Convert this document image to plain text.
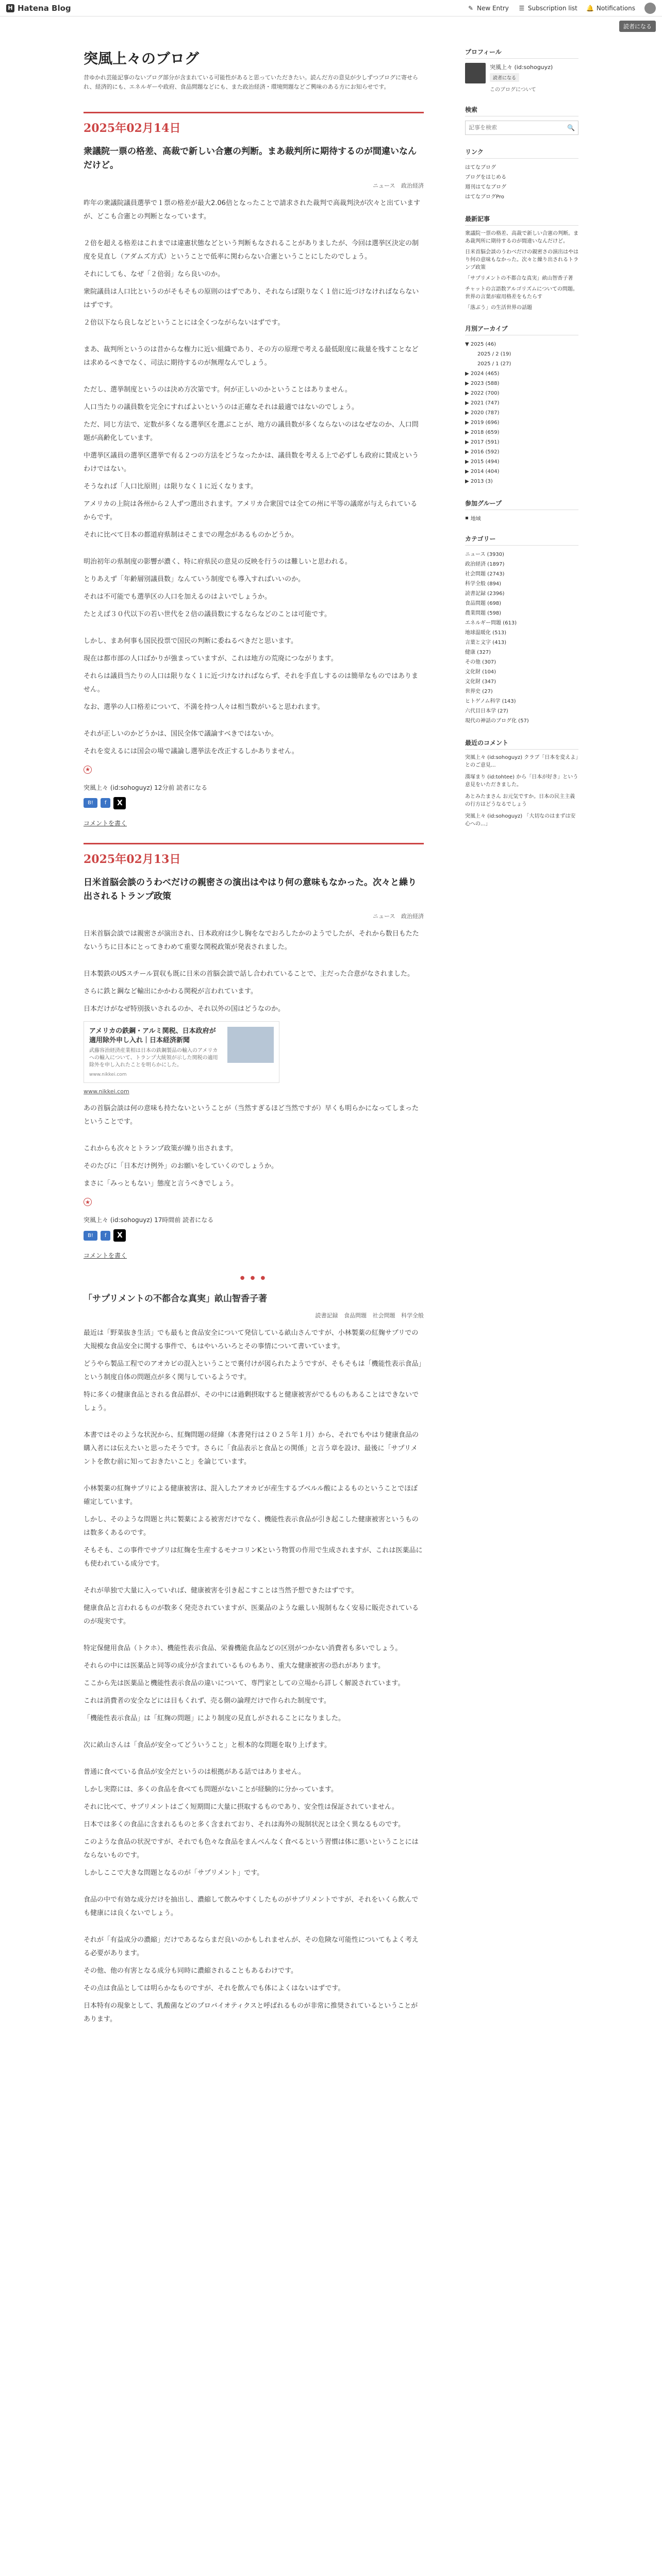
H Hatena Blog	✎ New Entry ☰ Subscription list 🔔 Notifications
読者になる
突風上々のブログ

昔ゆかれ芸能記事のないブログ部分が含まれている可能性があると思っていただきたい。読んだ方の意見が少しずつブログに寄せられ、経済的にも、エネルギーや政府、食品問題などにも、また政治経済・環境問題などご興味のある方にお知らせです。

2025年02月14日
衆議院一票の格差、高裁で新しい合憲の判断。まあ裁判所に期待するのが間違いなんだけど。
ニュース 政治経済

昨年の衆議院議員選挙で１票の格差が最大2.06倍となったことで請求された裁判で高裁判決が次々と出ていますが、どこも合憲との判断となっています。

２倍を超える格差はこれまでは違憲状態などという判断もなされることがありましたが、今回は選挙区決定の制度を見直し（アダムズ方式）ということで低率に関わらない合憲ということにしたのでしょう。

それにしても、なぜ「２倍弱」なら良いのか。

衆院議員は人口比というのがそもそもの原則のはずであり、それならば限りなく１倍に近づけなければならないはずです。

２倍以下なら良しなどということには全くつながらないはずです。

まあ、裁判所というのは昔からな権力に近い組織であり、その方の原理で考える最低限度に裁量を残すことなどは求めるべきでなく、司法に期待するのが無理なんでしょう。

ただし、選挙制度というのは決め方次第です。何が正しいのかということはありません。

人口当たりの議員数を完全にすればよいというのは正確なそれは最適ではないのでしょう。

ただ、同じ方法で、定数が多くなる選挙区を選ぶことが、地方の議員数が多くならないのはなぜなのか、人口問題が高齢化しています。

中選挙区議員の選挙区選挙で有る２つの方法をどうなったかは、議員数を考える上で必ずしも政府に賛成というわけではない。

そうなれば「人口比原則」は限りなく１に近くなります。

アメリカの上院は各州から２人ずつ選出されます。アメリカ合衆国では全ての州に平等の議席が与えられているからです。

それに比べて日本の都道府県制はそこまでの理念があるものかどうか。

明治初年の県制度の影響が濃く、特に府県民の意見の反映を行うのは難しいと思われる。

とりあえず「年齢層別議員数」なんていう制度でも導入すればいいのか。

それは不可能でも選挙区の人口を加えるのはよいでしょうか。

たとえば３０代以下の若い世代を２倍の議員数にするならなどのことは可能です。

しかし、まあ何事も国民投票で国民の判断に委ねるべきだと思います。

現在は都市部の人口ばかりが強まっていますが、これは地方の荒廃につながります。

それらは議員当たりの人口は限りなく１に近づけなければならず、それを手直しするのは簡単なものではありません。

なお、選挙の人口格差について、不満を持つ人々は相当数がいると思われます。

それが正しいのかどうかは、国民全体で議論すべきではないか。

それを変えるには国会の場で議論し選挙法を改正するしかありません。

★
突風上々 (id:sohoguyz) 12分前 読者になる
B!	f	X
コメントを書く
2025年02月13日
日米首脳会談のうわべだけの親密さの演出はやはり何の意味もなかった。次々と繰り出されるトランプ政策
ニュース 政治経済

日米首脳会談では親密さが演出され、日本政府は少し胸をなでおろしたかのようでしたが、それから数日もたたないうちに日本にとってきわめて重要な関税政策が発表されました。

日本製鉄のUSスチール買収も既に日米の首脳会談で話し合われていることで、主だった合意がなされました。

さらに鉄と鋼など輸出にかかわる関税が言われています。

日本だけがなぜ特別扱いされるのか、それ以外の国はどうなのか。

アメリカの鉄鋼・アルミ関税、日本政府が適用除外申し入れ｜日本経済新聞
武藤容治経済産業相は日本の鉄鋼製品の輸入のアメリカへの輸入について、トランプ大統領が示した関税の適用除外を申し入れたことを明らかにした。
www.nikkei.com
www.nikkei.com

あの首脳会談は何の意味も持たないということが（当然すぎるほど当然ですが）早くも明らかになってしまったということです。

これからも次々とトランプ政策が繰り出されます。

そのたびに「日本だけ例外」のお願いをしていくのでしょうか。

まさに「みっともない」態度と言うべきでしょう。

★
突風上々 (id:sohoguyz) 17時間前 読者になる
B!	f	X
コメントを書く
● ● ●
「サプリメントの不都合な真実」畝山智香子著
読書記録 食品問題 社会問題 科学全般

最近は「野菜抜き生活」でも最もと食品安全について発信している畝山さんですが、小林製薬の紅麹サプリでの大規模な食品安全に関する事件で、もはやいろいろとその事情について書いています。

どうやら製品工程でのアオカビの混入ということで裏付けが図られたようですが、そもそもは「機能性表示食品」という制度自体の問題点が多く関与しているようです。

特に多くの健康食品とされる食品群が、その中には過剰摂取すると健康被害がでるものもあることはできないでしょう。

本書ではそのような状況から、紅麹問題の経緯（本書発行は２０２５年１月）から、それでもやはり健康食品の購入者には伝えたいと思ったそうです。さらに「食品表示と食品との関係」と言う章を設け、最後に「サプリメントを飲む前に知っておきたいこと」を論じています。

小林製薬の紅麹サプリによる健康被害は、混入したアオカビが産生するプベルル酸によるものということでほぼ確定しています。

しかし、そのような問題と共に製薬による被害だけでなく、機能性表示食品が引き起こした健康被害というものは数多くあるのです。

そもそも、この事件でサプリは紅麹を生産するモナコリンKという物質の作用で生成されますが、これは医薬品にも使われている成分です。

それが単独で大量に入っていれば、健康被害を引き起こすことは当然予想できたはずです。

健康食品と言われるものが数多く発売されていますが、医薬品のような厳しい規制もなく安易に販売されているのが現実です。

特定保健用食品（トクホ）、機能性表示食品、栄養機能食品などの区別がつかない消費者も多いでしょう。

それらの中には医薬品と同等の成分が含まれているものもあり、重大な健康被害の恐れがあります。

ここから先は医薬品と機能性表示食品の違いについて、専門家としての立場から詳しく解説されています。

これは消費者の安全などには目もくれず、売る側の論理だけで作られた制度です。

「機能性表示食品」は「紅麹の問題」により制度の見直しがされることになりました。

次に畝山さんは「食品が安全ってどういうこと」と根本的な問題を取り上げます。

普通に食べている食品が安全だというのは根拠がある話ではありません。

しかし実際には、多くの食品を食べても問題がないことが経験的に分かっています。

それに比べて、サプリメントはごく短期間に大量に摂取するものであり、安全性は保証されていません。

日本では多くの食品に含まれるものと多く含まれており、それは海外の規制状況とは全く異なるものです。

このような食品の状況ですが、それでも色々な食品をまんべんなく食べるという習慣は体に悪いということにはならないものです。

しかしここで大きな問題となるのが「サプリメント」です。

食品の中で有効な成分だけを抽出し、濃縮して飲みやすくしたものがサプリメントですが、それをいくら飲んでも健康には良くないでしょう。

それが「有益成分の濃縮」だけであるならまだ良いのかもしれませんが、その危険な可能性についてもよく考える必要があります。

その他、他の有害となる成分も同時に濃縮されることもあるわけです。

その点は食品としては明らかなものですが、それを飲んでも体によくはないはずです。

日本特有の現象として、乳酸菌などのプロバイオティクスと呼ばれるものが非常に推奨されているということがあります。

プロフィール
突風上々 (id:sohoguyz)
読者になる
このブログについて
検索
記事を検索
🔍
リンク
はてなブログ
ブログをはじめる
週刊はてなブログ
はてなブログPro
最新記事
衆議院一票の格差、高裁で新しい合憲の判断。まあ裁判所に期待するのが間違いなんだけど。
日米首脳会談のうわべだけの親密さの演出はやはり何の意味もなかった。次々と繰り出されるトランプ政策
「サプリメントの不都合な真実」畝山智香子著
チャットの言語数アルゴリズムについての問題。世界の言葉が雇用格差をもたらす
「落ぶう」の生活世界の話題
月別アーカイブ
▼ 2025 (46)
2025 / 2 (19)
2025 / 1 (27)
▶ 2024 (465)
▶ 2023 (588)
▶ 2022 (700)
▶ 2021 (747)
▶ 2020 (787)
▶ 2019 (696)
▶ 2018 (659)
▶ 2017 (591)
▶ 2016 (592)
▶ 2015 (494)
▶ 2014 (404)
▶ 2013 (3)
参加グループ
▪ 地域
カテゴリー
ニュース (3930)
政治経済 (1897)
社会問題 (2743)
科学全般 (894)
読書記録 (2396)
食品問題 (698)
農業問題 (598)
エネルギー問題 (613)
地球温暖化 (513)
言葉と文字 (413)
健康 (327)
その他 (307)
文化財 (104)
文化財 (347)
世界史 (27)
ヒトゲノム科学 (143)
六代目日本学 (27)
現代の神話のブログ化 (57)
最近のコメント
突風上々 (id:sohoguyz) クラブ「日本を変えよ」とのご意見...
漢塚まり (id:tohtee) から「日本が好き」という意見をいただきました。
あとみたまさん お元気ですか。日本の民主主義の行方はどうなるでしょう
突風上々 (id:sohoguyz) 「大切なのはまずは安心への...」
